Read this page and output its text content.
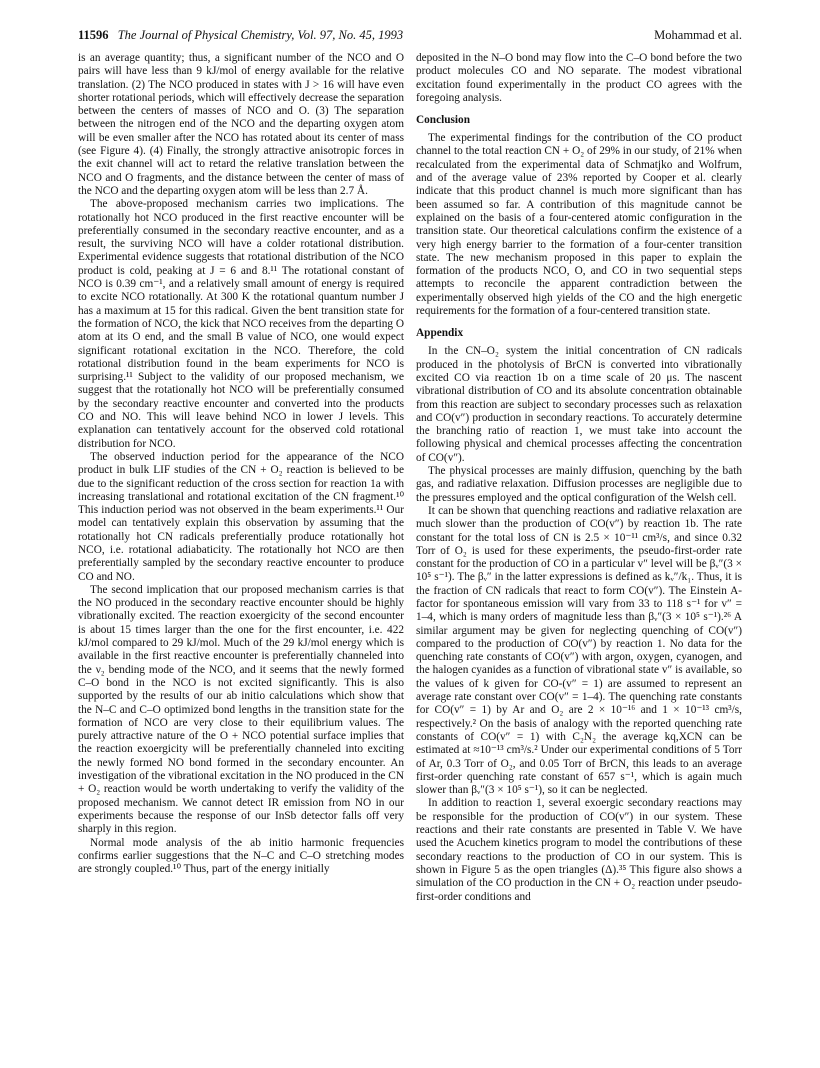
11596 The Journal of Physical Chemistry, Vol. 97, No. 45, 1993	Mohammad et al.

is an average quantity; thus, a significant number of the NCO and O pairs will have less than 9 kJ/mol of energy available for the relative translation. (2) The NCO produced in states with J > 16 will have even shorter rotational periods, which will effectively decrease the separation between the centers of masses of NCO and O. (3) The separation between the nitrogen end of the NCO and the departing oxygen atom will be even smaller after the NCO has rotated about its center of mass (see Figure 4). (4) Finally, the strongly attractive anisotropic forces in the exit channel will act to retard the relative translation between the NCO and O fragments, and the distance between the center of mass of the NCO and the departing oxygen atom will be less than 2.7 Å.

The above-proposed mechanism carries two implications. The rotationally hot NCO produced in the first reactive encounter will be preferentially consumed in the secondary reactive encounter, and as a result, the surviving NCO will have a colder rotational distribution. Experimental evidence suggests that rotational distribution of the NCO product is cold, peaking at J = 6 and 8.¹¹ The rotational constant of NCO is 0.39 cm⁻¹, and a relatively small amount of energy is required to excite NCO rotationally. At 300 K the rotational quantum number J has a maximum at 15 for this radical. Given the bent transition state for the formation of NCO, the kick that NCO receives from the departing O atom at its O end, and the small B value of NCO, one would expect significant rotational excitation in the NCO. Therefore, the cold rotational distribution found in the beam experiments for NCO is surprising.¹¹ Subject to the validity of our proposed mechanism, we suggest that the rotationally hot NCO will be preferentially consumed by the secondary reactive encounter and converted into the products CO and NO. This will leave behind NCO in lower J levels. This explanation can tentatively account for the observed cold rotational distribution for NCO.

The observed induction period for the appearance of the NCO product in bulk LIF studies of the CN + O₂ reaction is believed to be due to the significant reduction of the cross section for reaction 1a with increasing translational and rotational excitation of the CN fragment.¹⁰ This induction period was not observed in the beam experiments.¹¹ Our model can tentatively explain this observation by assuming that the rotationally hot CN radicals preferentially produce rotationally hot NCO, i.e. rotational adiabaticity. The rotationally hot NCO are then preferentially sampled by the secondary reactive encounter to produce CO and NO.

The second implication that our proposed mechanism carries is that the NO produced in the secondary reactive encounter should be highly vibrationally excited. The reaction exoergicity of the second encounter is about 15 times larger than the one for the first encounter, i.e. 422 kJ/mol compared to 29 kJ/mol. Much of the 29 kJ/mol energy which is available in the first reactive encounter is preferentially channeled into the ν₂ bending mode of the NCO, and it seems that the newly formed C–O bond in the NCO is not excited significantly. This is also supported by the results of our ab initio calculations which show that the N–C and C–O optimized bond lengths in the transition state for the formation of NCO are very close to their equilibrium values. The purely attractive nature of the O + NCO potential surface implies that the reaction exoergicity will be preferentially channeled into exciting the newly formed NO bond formed in the secondary encounter. An investigation of the vibrational excitation in the NO produced in the CN + O₂ reaction would be worth undertaking to verify the validity of the proposed mechanism. We cannot detect IR emission from NO in our experiments because the response of our InSb detector falls off very sharply in this region.

Normal mode analysis of the ab initio harmonic frequencies confirms earlier suggestions that the N–C and C–O stretching modes are strongly coupled.¹⁰ Thus, part of the energy initially

deposited in the N–O bond may flow into the C–O bond before the two product molecules CO and NO separate. The modest vibrational excitation found experimentally in the product CO agrees with the foregoing analysis.

Conclusion

The experimental findings for the contribution of the CO product channel to the total reaction CN + O₂ of 29% in our study, of 21% when recalculated from the experimental data of Schmatjko and Wolfrum, and of the average value of 23% reported by Cooper et al. clearly indicate that this product channel is much more significant than has been assumed so far. A contribution of this magnitude cannot be explained on the basis of a four-centered atomic configuration in the transition state. Our theoretical calculations confirm the existence of a very high energy barrier to the formation of a four-center transition state. The new mechanism proposed in this paper to explain the formation of the products NCO, O, and CO in two sequential steps attempts to reconcile the apparent contradiction between the experimentally observed high yields of the CO and the high energetic requirements for the formation of a four-centered transition state.

Appendix

In the CN–O₂ system the initial concentration of CN radicals produced in the photolysis of BrCN is converted into vibrationally excited CO via reaction 1b on a time scale of 20 μs. The nascent vibrational distribution of CO and its absolute concentration obtainable from this reaction are subject to secondary processes such as relaxation and CO(v″) production in secondary reactions. To accurately determine the branching ratio of reaction 1, we must take into account the following physical and chemical processes affecting the concentration of CO(v″).

The physical processes are mainly diffusion, quenching by the bath gas, and radiative relaxation. Diffusion processes are negligible due to the pressures employed and the optical configuration of the Welsh cell.

It can be shown that quenching reactions and radiative relaxation are much slower than the production of CO(v″) by reaction 1b. The rate constant for the total loss of CN is 2.5 × 10⁻¹¹ cm³/s, and since 0.32 Torr of O₂ is used for these experiments, the pseudo-first-order rate constant for the production of CO in a particular v″ level will be βᵥ″(3 × 10⁵ s⁻¹). The βᵥ″ in the latter expressions is defined as kᵥ″/k₁. Thus, it is the fraction of CN radicals that react to form CO(v″). The Einstein A-factor for spontaneous emission will vary from 33 to 118 s⁻¹ for v″ = 1–4, which is many orders of magnitude less than βᵥ″(3 × 10⁵ s⁻¹).²⁶ A similar argument may be given for neglecting quenching of CO(v″) compared to the production of CO(v″) by reaction 1. No data for the quenching rate constants of CO(v″) with argon, oxygen, cyanogen, and the halogen cyanides as a function of vibrational state v″ is available, so the values of k given for CO-(v″ = 1) are assumed to represent an average rate constant over CO(v″ = 1–4). The quenching rate constants for CO(v″ = 1) by Ar and O₂ are 2 × 10⁻¹⁶ and 1 × 10⁻¹³ cm³/s, respectively.² On the basis of analogy with the reported quenching rate constants of CO(v″ = 1) with C₂N₂ the average kq,XCN can be estimated at ≈10⁻¹³ cm³/s.² Under our experimental conditions of 5 Torr of Ar, 0.3 Torr of O₂, and 0.05 Torr of BrCN, this leads to an average first-order quenching rate constant of 657 s⁻¹, which is again much slower than βᵥ″(3 × 10⁵ s⁻¹), so it can be neglected.

In addition to reaction 1, several exoergic secondary reactions may be responsible for the production of CO(v″) in our system. These reactions and their rate constants are presented in Table V. We have used the Acuchem kinetics program to model the contributions of these secondary reactions to the production of CO in our system. This is shown in Figure 5 as the open triangles (Δ).³⁵ This figure also shows a simulation of the CO production in the CN + O₂ reaction under pseudo-first-order conditions and
